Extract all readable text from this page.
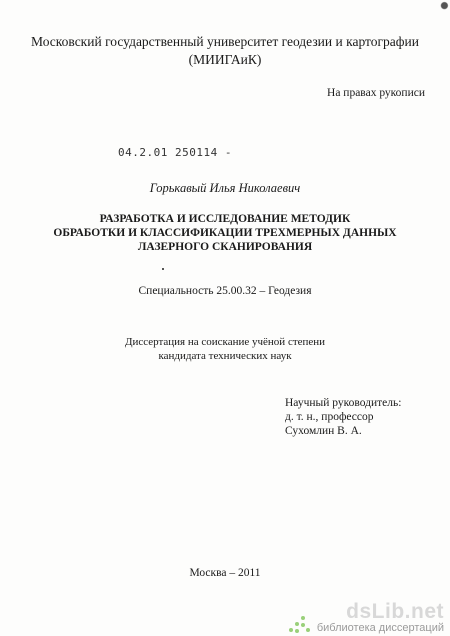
Московский государственный университет геодезии и картографии
(МИИГАиК)
На правах рукописи
04.2.01 250114 -
Горькавый Илья Николаевич
РАЗРАБОТКА И ИССЛЕДОВАНИЕ МЕТОДИК
ОБРАБОТКИ И КЛАССИФИКАЦИИ ТРЕХМЕРНЫХ ДАННЫХ
ЛАЗЕРНОГО СКАНИРОВАНИЯ
Специальность 25.00.32 – Геодезия
Диссертация на соискание учёной степени
кандидата технических наук
Научный руководитель:
д. т. н., профессор
Сухомлин В. А.
Москва – 2011
dsLib.net
библиотека диссертаций
